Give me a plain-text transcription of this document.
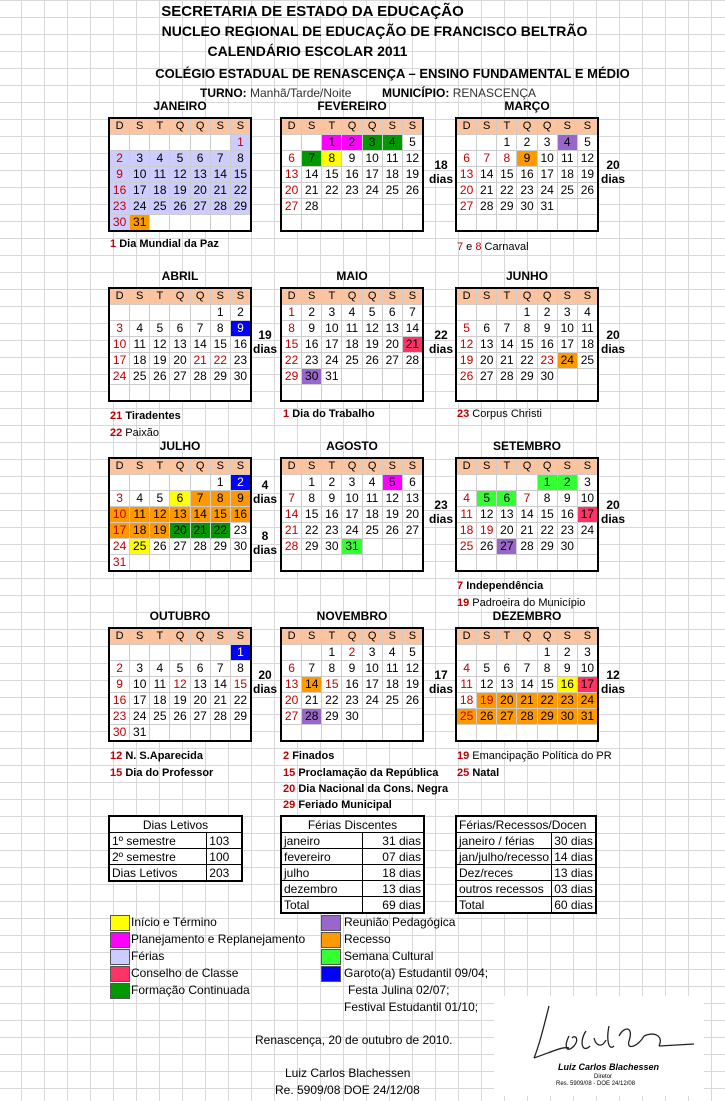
SECRETARIA DE ESTADO DA EDUCAÇÃO
NUCLEO REGIONAL DE EDUCAÇÃO DE FRANCISCO BELTRÃO
CALENDÁRIO ESCOLAR 2011
COLÉGIO ESTADUAL DE RENASCENÇA – ENSINO FUNDAMENTAL E MÉDIO
TURNO: Manhã/Tarde/Noite	MUNICÍPIO: RENASCENÇA
JANEIRO
D	S	T	Q	Q	S	S
						1
2	3	4	5	6	7	8
9	10	11	12	13	14	15
16	17	18	19	20	21	22
23	24	25	26	27	28	29
30	31					
FEVEREIRO
D	S	T	Q	Q	S	S
		1	2	3	4	5
6	7	8	9	10	11	12
13	14	15	16	17	18	19
20	21	22	23	24	25	26
27	28					

18
dias
MARÇO
D	S	T	Q	Q	S	S
		1	2	3	4	5
6	7	8	9	10	11	12
13	14	15	16	17	18	19
20	21	22	23	24	25	26
27	28	29	30	31		

20
dias
ABRIL
D	S	T	Q	Q	S	S
					1	2
3	4	5	6	7	8	9
10	11	12	13	14	15	16
17	18	19	20	21	22	23
24	25	26	27	28	29	30

19
dias
MAIO
D	S	T	Q	Q	S	S
1	2	3	4	5	6	7
8	9	10	11	12	13	14
15	16	17	18	19	20	21
22	23	24	25	26	27	28
29	30	31				

22
dias
JUNHO
D	S	T	Q	Q	S	S
			1	2	3	4
5	6	7	8	9	10	11
12	13	14	15	16	17	18
19	20	21	22	23	24	25
26	27	28	29	30		

20
dias
JULHO
D	S	T	Q	Q	S	S
					1	2
3	4	5	6	7	8	9
10	11	12	13	14	15	16
17	18	19	20	21	22	23
24	25	26	27	28	29	30
31						
4
dias
8
dias
AGOSTO
D	S	T	Q	Q	S	S
	1	2	3	4	5	6
7	8	9	10	11	12	13
14	15	16	17	18	19	20
21	22	23	24	25	26	27
28	29	30	31			

23
dias
SETEMBRO
D	S	T	Q	Q	S	S
				1	2	3
4	5	6	7	8	9	10
11	12	13	14	15	16	17
18	19	20	21	22	23	24
25	26	27	28	29	30	

20
dias
OUTUBRO
D	S	T	Q	Q	S	S
						1
2	3	4	5	6	7	8
9	10	11	12	13	14	15
16	17	18	19	20	21	22
23	24	25	26	27	28	29
30	31					
20
dias
NOVEMBRO
D	S	T	Q	Q	S	S
		1	2	3	4	5
6	7	8	9	10	11	12
13	14	15	16	17	18	19
20	21	22	23	24	25	26
27	28	29	30			

17
dias
DEZEMBRO
D	S	T	Q	Q	S	S
				1	2	3
4	5	6	7	8	9	10
11	12	13	14	15	16	17
18	19	20	21	22	23	24
25	26	27	28	29	30	31

12
dias
1 Dia Mundial da Paz	7 e 8 Carnaval
21 Tiradentes
22 Paixão
1 Dia do Trabalho	23 Corpus Christi
7 Independência
19 Padroeira do Município
12 N. S.Aparecida
15 Dia do Professor
2 Finados
15 Proclamação da República
20 Dia Nacional da Cons. Negra
29 Feriado Municipal
19 Emancipação Política do PR
25 Natal
Dias Letivos	
1º semestre	103
2º semestre	100
Dias Letivos	203
Férias Discentes	
janeiro	31 dias
fevereiro	07 dias
julho	18 dias
dezembro	13 dias
Total	69 dias
Férias/Recessos/Docen	
janeiro / férias	30 dias
jan/julho/recesso	14 dias
Dez/reces	13 dias
outros recessos	03 dias
Total	60 dias
Início e Término
Planejamento e Replanejamento
Férias
Conselho de Classe
Formação Continuada
Reunião Pedagógica
Recesso
Semana Cultural
Garoto(a) Estudantil 09/04;
Festa Julina 02/07;
Festival Estudantil 01/10;
Renascença, 20 de outubro de 2010.
Luiz Carlos Blachessen
Re. 5909/08 DOE 24/12/08
Luiz Carlos Blachessen
Diretor
Res. 5909/08 - DOE 24/12/08
